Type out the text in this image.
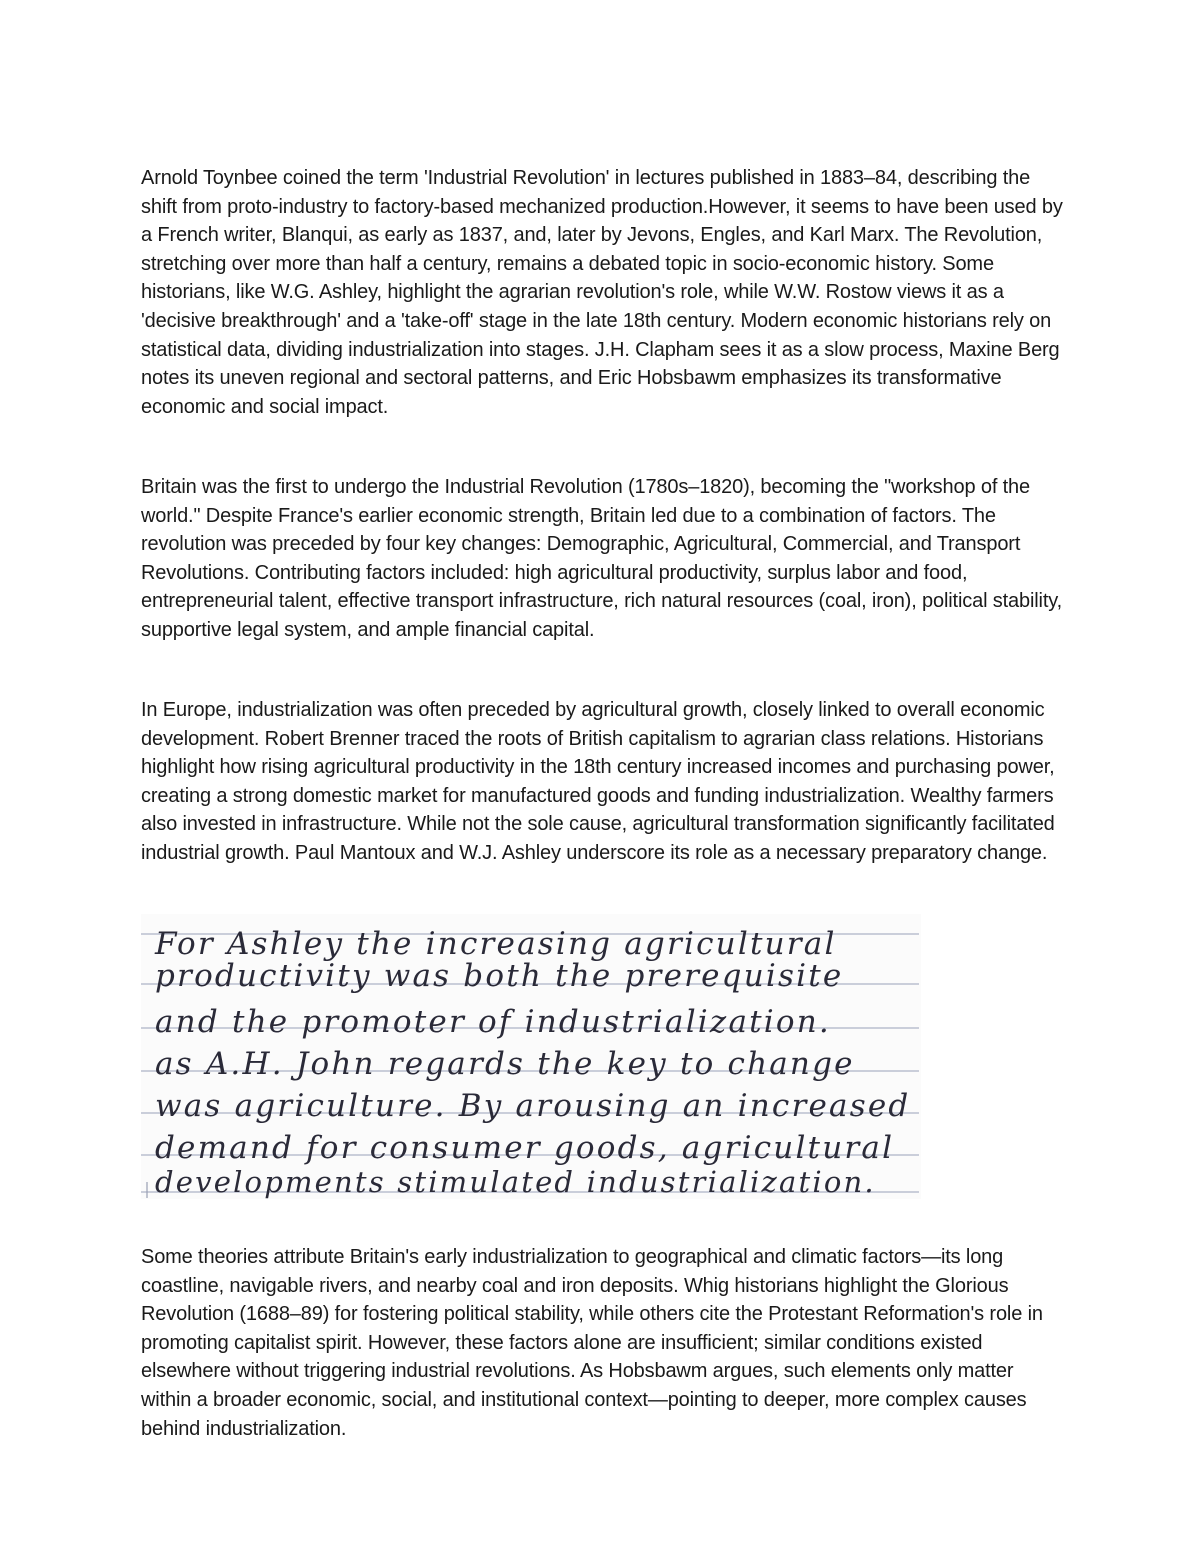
Arnold Toynbee coined the term 'Industrial Revolution' in lectures published in 1883–84, describing the shift from proto-industry to factory-based mechanized production.However, it seems to have been used by a French writer, Blanqui, as early as 1837, and, later by Jevons, Engles, and Karl Marx. The Revolution, stretching over more than half a century, remains a debated topic in socio-economic history. Some historians, like W.G. Ashley, highlight the agrarian revolution's role, while W.W. Rostow views it as a 'decisive breakthrough' and a 'take-off' stage in the late 18th century. Modern economic historians rely on statistical data, dividing industrialization into stages. J.H. Clapham sees it as a slow process, Maxine Berg notes its uneven regional and sectoral patterns, and Eric Hobsbawm emphasizes its transformative economic and social impact.

Britain was the first to undergo the Industrial Revolution (1780s–1820), becoming the "workshop of the world." Despite France's earlier economic strength, Britain led due to a combination of factors. The revolution was preceded by four key changes: Demographic, Agricultural, Commercial, and Transport Revolutions. Contributing factors included: high agricultural productivity, surplus labor and food, entrepreneurial talent, effective transport infrastructure, rich natural resources (coal, iron), political stability, supportive legal system, and ample financial capital.

In Europe, industrialization was often preceded by agricultural growth, closely linked to overall economic development. Robert Brenner traced the roots of British capitalism to agrarian class relations. Historians highlight how rising agricultural productivity in the 18th century increased incomes and purchasing power, creating a strong domestic market for manufactured goods and funding industrialization. Wealthy farmers also invested in infrastructure. While not the sole cause, agricultural transformation significantly facilitated industrial growth. Paul Mantoux and W.J. Ashley underscore its role as a necessary preparatory change.

For Ashley the increasing agricultural
productivity was both the prerequisite
and the promoter of industrialization.
as A.H. John regards the key to change
was agriculture. By arousing an increased
demand for consumer goods, agricultural
developments stimulated industrialization.

Some theories attribute Britain's early industrialization to geographical and climatic factors—its long coastline, navigable rivers, and nearby coal and iron deposits. Whig historians highlight the Glorious Revolution (1688–89) for fostering political stability, while others cite the Protestant Reformation's role in promoting capitalist spirit. However, these factors alone are insufficient; similar conditions existed elsewhere without triggering industrial revolutions. As Hobsbawm argues, such elements only matter within a broader economic, social, and institutional context—pointing to deeper, more complex causes behind industrialization.
